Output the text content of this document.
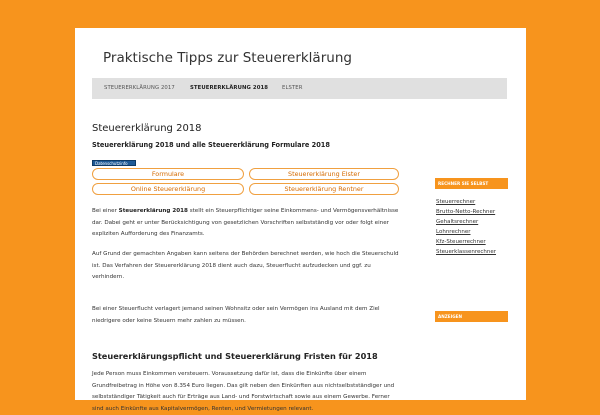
Praktische Tipps zur Steuererklärung
STEUERERKLÄRUNG 2017	STEUERERKLÄRUNG 2018	ELSTER
Steuererklärung 2018
Steuererklärung 2018 und alle Steuererklärung Formulare 2018
Datenschutzinfo
Formulare	Steuererklärung Elster
Online Steuererklärung	Steuererklärung Rentner
Bei einer Steuererklärung 2018 stellt ein Steuerpflichtiger seine Einkommens- und Vermögensverhältnisse dar. Dabei geht er unter Berücksichtigung von gesetzlichen Vorschriften selbstständig vor oder folgt einer expliziten Aufforderung des Finanzamts.
Auf Grund der gemachten Angaben kann seitens der Behörden berechnet werden, wie hoch die Steuerschuld ist. Das Verfahren der Steuererklärung 2018 dient auch dazu, Steuerflucht aufzudecken und ggf. zu verhindern.
Bei einer Steuerflucht verlagert jemand seinen Wohnsitz oder sein Vermögen ins Ausland mit dem Ziel niedrigere oder keine Steuern mehr zahlen zu müssen.
Steuererklärungspflicht und Steuererklärung Fristen für 2018
Jede Person muss Einkommen versteuern. Voraussetzung dafür ist, dass die Einkünfte über einem Grundfreibetrag in Höhe von 8.354 Euro liegen. Das gilt neben den Einkünften aus nichtselbstständiger und selbstständiger Tätigkeit auch für Erträge aus Land- und Forstwirtschaft sowie aus einem Gewerbe. Ferner sind auch Einkünfte aus Kapitalvermögen, Renten, und Vermietungen relevant.
RECHNER SIE SELBST
Steuerrechner
Brutto-Netto-Rechner
Gehaltsrechner
Lohnrechner
Kfz-Steuerrechner
Steuerklassenrechner
ANZEIGEN
